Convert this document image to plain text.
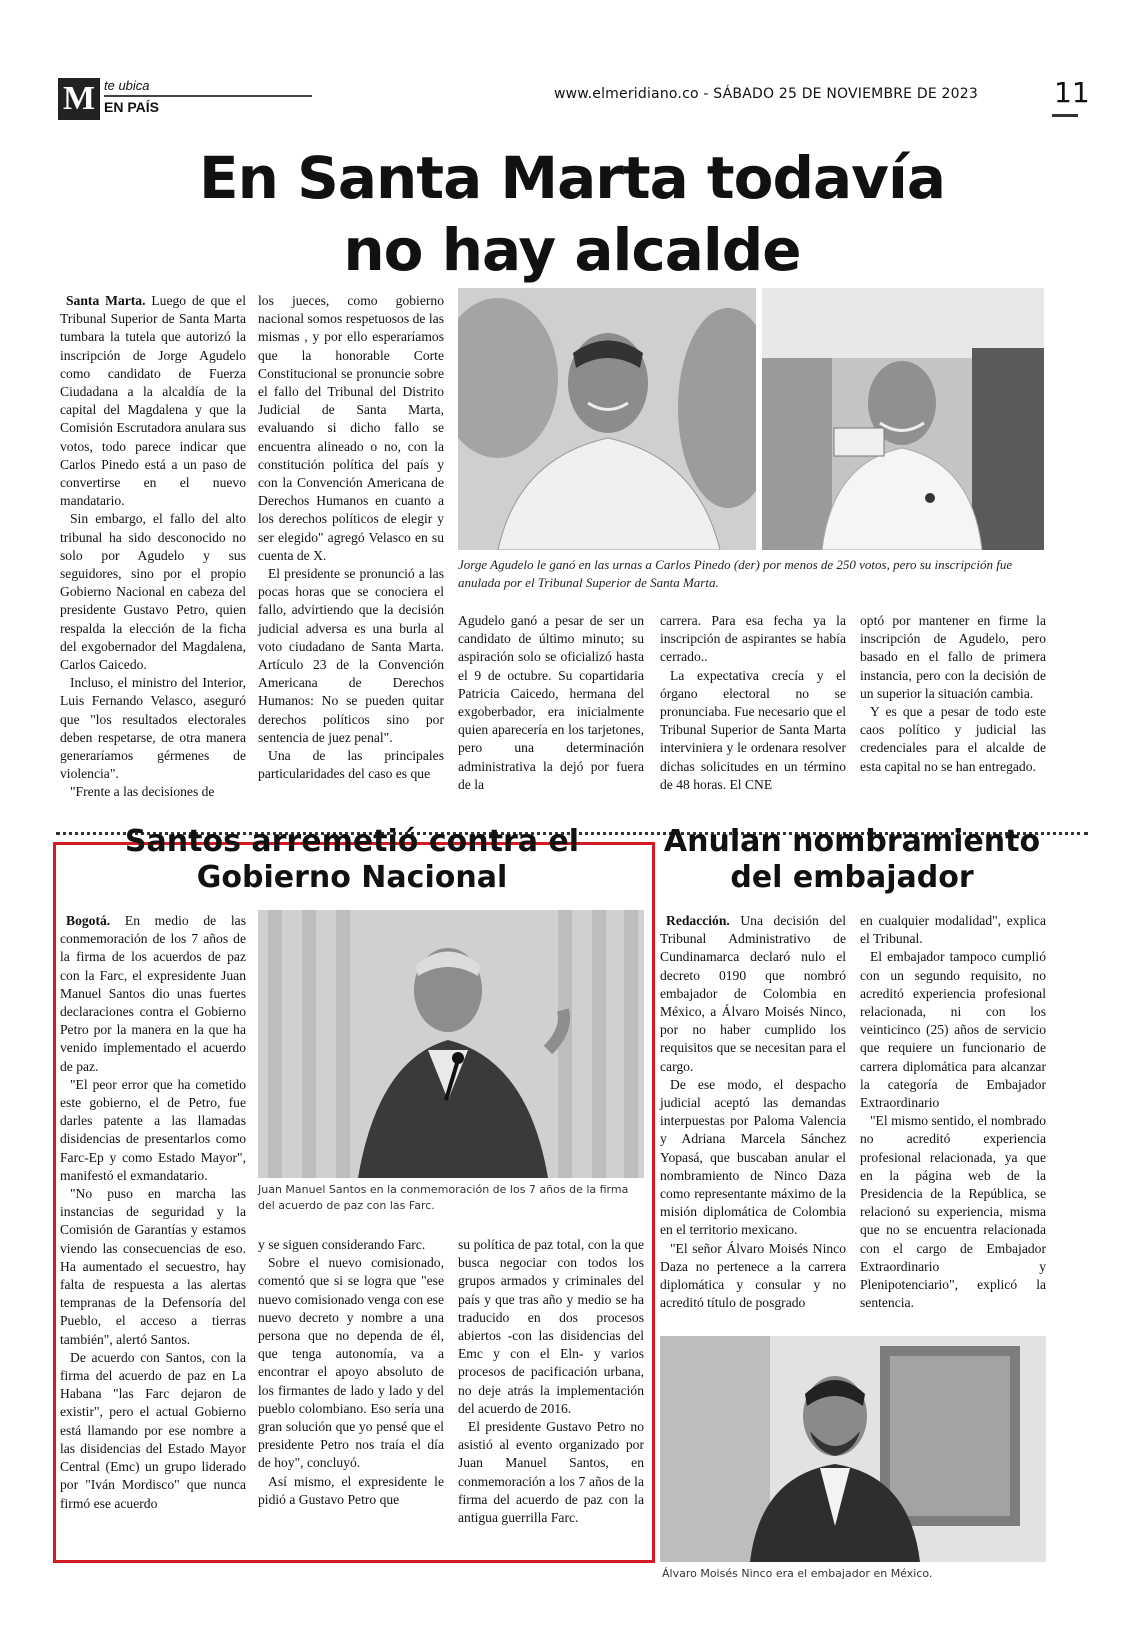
M te ubica
EN PAÍS
www.elmeridiano.co - SÁBADO 25 DE NOVIEMBRE DE 2023	11
En Santa Marta todavía
no hay alcalde

Santa Marta. Luego de que el Tribunal Superior de Santa Marta tumbara la tutela que autorizó la inscripción de Jorge Agudelo como candidato de Fuerza Ciudadana a la alcaldía de la capital del Magdalena y que la Comisión Escrutadora anulara sus votos, todo parece indicar que Carlos Pinedo está a un paso de convertirse en el nuevo mandatario.

Sin embargo, el fallo del alto tribunal ha sido desconocido no solo por Agudelo y sus seguidores, sino por el propio Gobierno Nacional en cabeza del presidente Gustavo Petro, quien respalda la elección de la ficha del exgobernador del Magdalena, Carlos Caicedo.

Incluso, el ministro del Interior, Luis Fernando Velasco, aseguró que "los resultados electorales deben respetarse, de otra manera generaríamos gérmenes de violencia".

"Frente a las decisiones de

los jueces, como gobierno nacional somos respetuosos de las mismas , y por ello esperaríamos que la honorable Corte Constitucional se pronuncie sobre el fallo del Tribunal del Distrito Judicial de Santa Marta, evaluando si dicho fallo se encuentra alineado o no, con la constitución política del país y con la Convención Americana de Derechos Humanos en cuanto a los derechos políticos de elegir y ser elegido" agregó Velasco en su cuenta de X.

El presidente se pronunció a las pocas horas que se conociera el fallo, advirtiendo que la decisión judicial adversa es una burla al voto ciudadano de Santa Marta. Artículo 23 de la Convención Americana de Derechos Humanos: No se pueden quitar derechos políticos sino por sentencia de juez penal".

Una de las principales particularidades del caso es que

Jorge Agudelo le ganó en las urnas a Carlos Pinedo (der) por menos de 250 votos, pero su inscripción fue anulada por el Tribunal Superior de Santa Marta.

Agudelo ganó a pesar de ser un candidato de último minuto; su aspiración solo se oficializó hasta el 9 de octubre. Su copartidaria Patricia Caicedo, hermana del exgoberbador, era inicialmente quien aparecería en los tarjetones, pero una determinación administrativa la dejó por fuera de la

carrera. Para esa fecha ya la inscripción de aspirantes se había cerrado..

La expectativa crecía y el órgano electoral no se pronunciaba. Fue necesario que el Tribunal Superior de Santa Marta interviniera y le ordenara resolver dichas solicitudes en un término de 48 horas. El CNE

optó por mantener en firme la inscripción de Agudelo, pero basado en el fallo de primera instancia, pero con la decisión de un superior la situación cambia.

Y es que a pesar de todo este caos político y judicial las credenciales para el alcalde de esta capital no se han entregado.

Santos arremetió contra el
Gobierno Nacional

Bogotá. En medio de las conmemoración de los 7 años de la firma de los acuerdos de paz con la Farc, el expresidente Juan Manuel Santos dio unas fuertes declaraciones contra el Gobierno Petro por la manera en la que ha venido implementado el acuerdo de paz.

"El peor error que ha cometido este gobierno, el de Petro, fue darles patente a las llamadas disidencias de presentarlos como Farc-Ep y como Estado Mayor", manifestó el exmandatario.

"No puso en marcha las instancias de seguridad y la Comisión de Garantías y estamos viendo las consecuencias de eso. Ha aumentado el secuestro, hay falta de respuesta a las alertas tempranas de la Defensoría del Pueblo, el acceso a tierras también", alertó Santos.

De acuerdo con Santos, con la firma del acuerdo de paz en La Habana "las Farc dejaron de existir", pero el actual Gobierno está llamando por ese nombre a las disidencias del Estado Mayor Central (Emc) un grupo liderado por "Iván Mordisco" que nunca firmó ese acuerdo

Juan Manuel Santos en la conmemoración de los 7 años de la firma del acuerdo de paz con las Farc.

y se siguen considerando Farc.

Sobre el nuevo comisionado, comentó que si se logra que "ese nuevo comisionado venga con ese nuevo decreto y nombre a una persona que no dependa de él, que tenga autonomía, va a encontrar el apoyo absoluto de los firmantes de lado y lado y del pueblo colombiano. Eso sería una gran solución que yo pensé que el presidente Petro nos traía el día de hoy", concluyó.

Así mismo, el expresidente le pidió a Gustavo Petro que

su política de paz total, con la que busca negociar con todos los grupos armados y criminales del país y que tras año y medio se ha traducido en dos procesos abiertos -con las disidencias del Emc y con el Eln- y varios procesos de pacificación urbana, no deje atrás la implementación del acuerdo de 2016.

El presidente Gustavo Petro no asistió al evento organizado por Juan Manuel Santos, en conmemoración a los 7 años de la firma del acuerdo de paz con la antigua guerrilla Farc.

Anulan nombramiento
del embajador

Redacción. Una decisión del Tribunal Administrativo de Cundinamarca declaró nulo el decreto 0190 que nombró embajador de Colombia en México, a Álvaro Moisés Ninco, por no haber cumplido los requisitos que se necesitan para el cargo.

De ese modo, el despacho judicial aceptó las demandas interpuestas por Paloma Valencia y Adriana Marcela Sánchez Yopasá, que buscaban anular el nombramiento de Ninco Daza como representante máximo de la misión diplomática de Colombia en el territorio mexicano.

"El señor Álvaro Moisés Ninco Daza no pertenece a la carrera diplomática y consular y no acreditó título de posgrado

en cualquier modalidad", explica el Tribunal.

El embajador tampoco cumplió con un segundo requisito, no acreditó experiencia profesional relacionada, ni con los veinticinco (25) años de servicio que requiere un funcionario de carrera diplomática para alcanzar la categoría de Embajador Extraordinario

"El mismo sentido, el nombrado no acreditó experiencia profesional relacionada, ya que en la página web de la Presidencia de la República, se relacionó su experiencia, misma que no se encuentra relacionada con el cargo de Embajador Extraordinario y Plenipotenciario", explicó la sentencia.

Álvaro Moisés Ninco era el embajador en México.
